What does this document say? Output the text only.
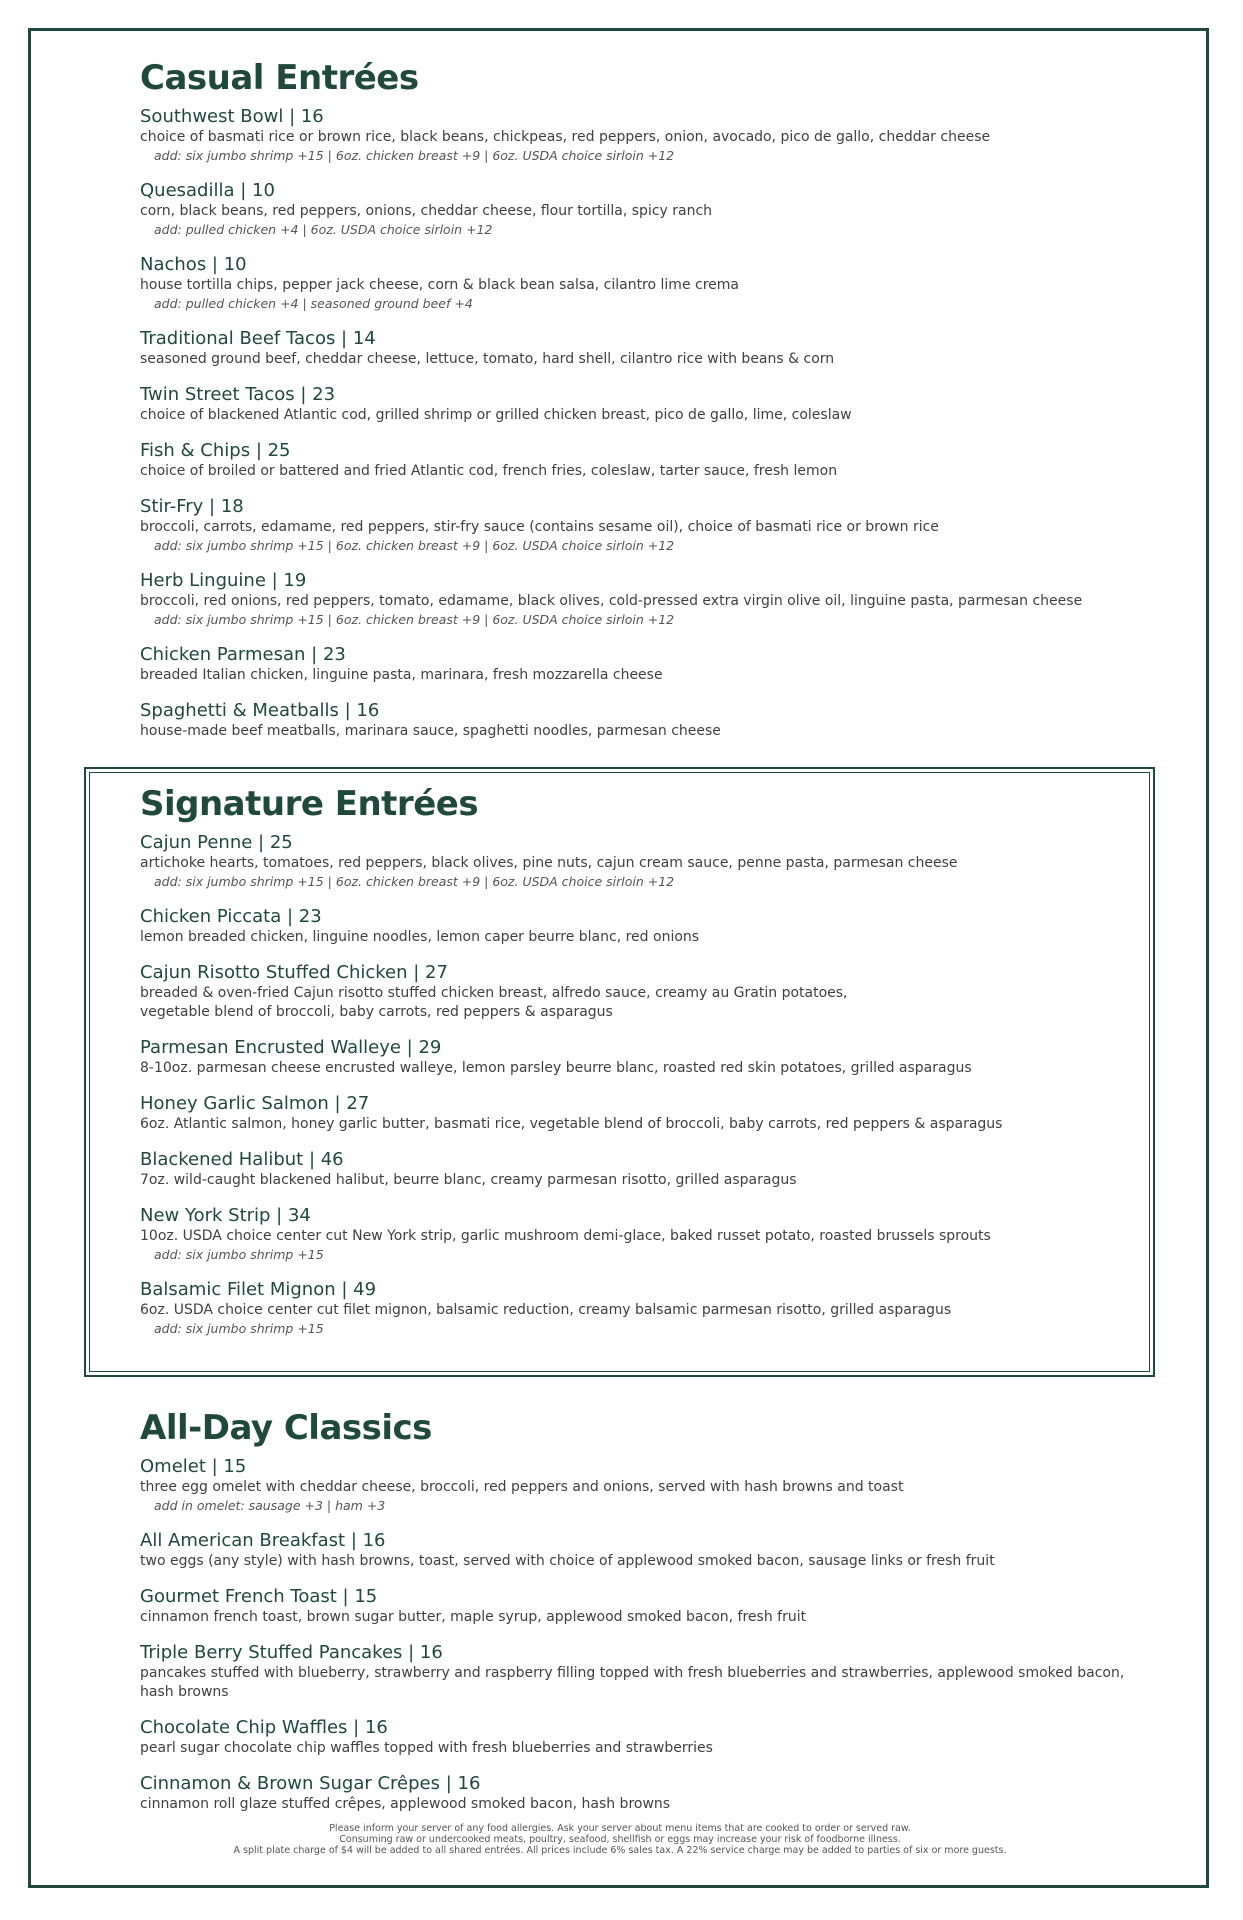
Casual Entrées
Southwest Bowl | 16
choice of basmati rice or brown rice, black beans, chickpeas, red peppers, onion, avocado, pico de gallo, cheddar cheese
add: six jumbo shrimp +15 | 6oz. chicken breast +9 | 6oz. USDA choice sirloin +12
Quesadilla | 10
corn, black beans, red peppers, onions, cheddar cheese, flour tortilla, spicy ranch
add: pulled chicken +4 | 6oz. USDA choice sirloin +12
Nachos | 10
house tortilla chips, pepper jack cheese, corn & black bean salsa, cilantro lime crema
add: pulled chicken +4 | seasoned ground beef +4
Traditional Beef Tacos | 14
seasoned ground beef, cheddar cheese, lettuce, tomato, hard shell, cilantro rice with beans & corn
Twin Street Tacos | 23
choice of blackened Atlantic cod, grilled shrimp or grilled chicken breast, pico de gallo, lime, coleslaw
Fish & Chips | 25
choice of broiled or battered and fried Atlantic cod, french fries, coleslaw, tarter sauce, fresh lemon
Stir-Fry | 18
broccoli, carrots, edamame, red peppers, stir-fry sauce (contains sesame oil), choice of basmati rice or brown rice
add: six jumbo shrimp +15 | 6oz. chicken breast +9 | 6oz. USDA choice sirloin +12
Herb Linguine | 19
broccoli, red onions, red peppers, tomato, edamame, black olives, cold-pressed extra virgin olive oil, linguine pasta, parmesan cheese
add: six jumbo shrimp +15 | 6oz. chicken breast +9 | 6oz. USDA choice sirloin +12
Chicken Parmesan | 23
breaded Italian chicken, linguine pasta, marinara, fresh mozzarella cheese
Spaghetti & Meatballs | 16
house-made beef meatballs, marinara sauce, spaghetti noodles, parmesan cheese
Signature Entrées
Cajun Penne | 25
artichoke hearts, tomatoes, red peppers, black olives, pine nuts, cajun cream sauce, penne pasta, parmesan cheese
add: six jumbo shrimp +15 | 6oz. chicken breast +9 | 6oz. USDA choice sirloin +12
Chicken Piccata | 23
lemon breaded chicken, linguine noodles, lemon caper beurre blanc, red onions
Cajun Risotto Stuffed Chicken | 27
breaded & oven-fried Cajun risotto stuffed chicken breast, alfredo sauce, creamy au Gratin potatoes,
vegetable blend of broccoli, baby carrots, red peppers & asparagus
Parmesan Encrusted Walleye | 29
8-10oz. parmesan cheese encrusted walleye, lemon parsley beurre blanc, roasted red skin potatoes, grilled asparagus
Honey Garlic Salmon | 27
6oz. Atlantic salmon, honey garlic butter, basmati rice, vegetable blend of broccoli, baby carrots, red peppers & asparagus
Blackened Halibut | 46
7oz. wild-caught blackened halibut, beurre blanc, creamy parmesan risotto, grilled asparagus
New York Strip | 34
10oz. USDA choice center cut New York strip, garlic mushroom demi-glace, baked russet potato, roasted brussels sprouts
add: six jumbo shrimp +15
Balsamic Filet Mignon | 49
6oz. USDA choice center cut filet mignon, balsamic reduction, creamy balsamic parmesan risotto, grilled asparagus
add: six jumbo shrimp +15
All-Day Classics
Omelet | 15
three egg omelet with cheddar cheese, broccoli, red peppers and onions, served with hash browns and toast
add in omelet: sausage +3 | ham +3
All American Breakfast | 16
two eggs (any style) with hash browns, toast, served with choice of applewood smoked bacon, sausage links or fresh fruit
Gourmet French Toast | 15
cinnamon french toast, brown sugar butter, maple syrup, applewood smoked bacon, fresh fruit
Triple Berry Stuffed Pancakes | 16
pancakes stuffed with blueberry, strawberry and raspberry filling topped with fresh blueberries and strawberries, applewood smoked bacon, hash browns
Chocolate Chip Waffles | 16
pearl sugar chocolate chip waffles topped with fresh blueberries and strawberries
Cinnamon & Brown Sugar Crêpes | 16
cinnamon roll glaze stuffed crêpes, applewood smoked bacon, hash browns
Please inform your server of any food allergies. Ask your server about menu items that are cooked to order or served raw.
Consuming raw or undercooked meats, poultry, seafood, shellfish or eggs may increase your risk of foodborne illness.
A split plate charge of $4 will be added to all shared entrées. All prices include 6% sales tax. A 22% service charge may be added to parties of six or more guests.
